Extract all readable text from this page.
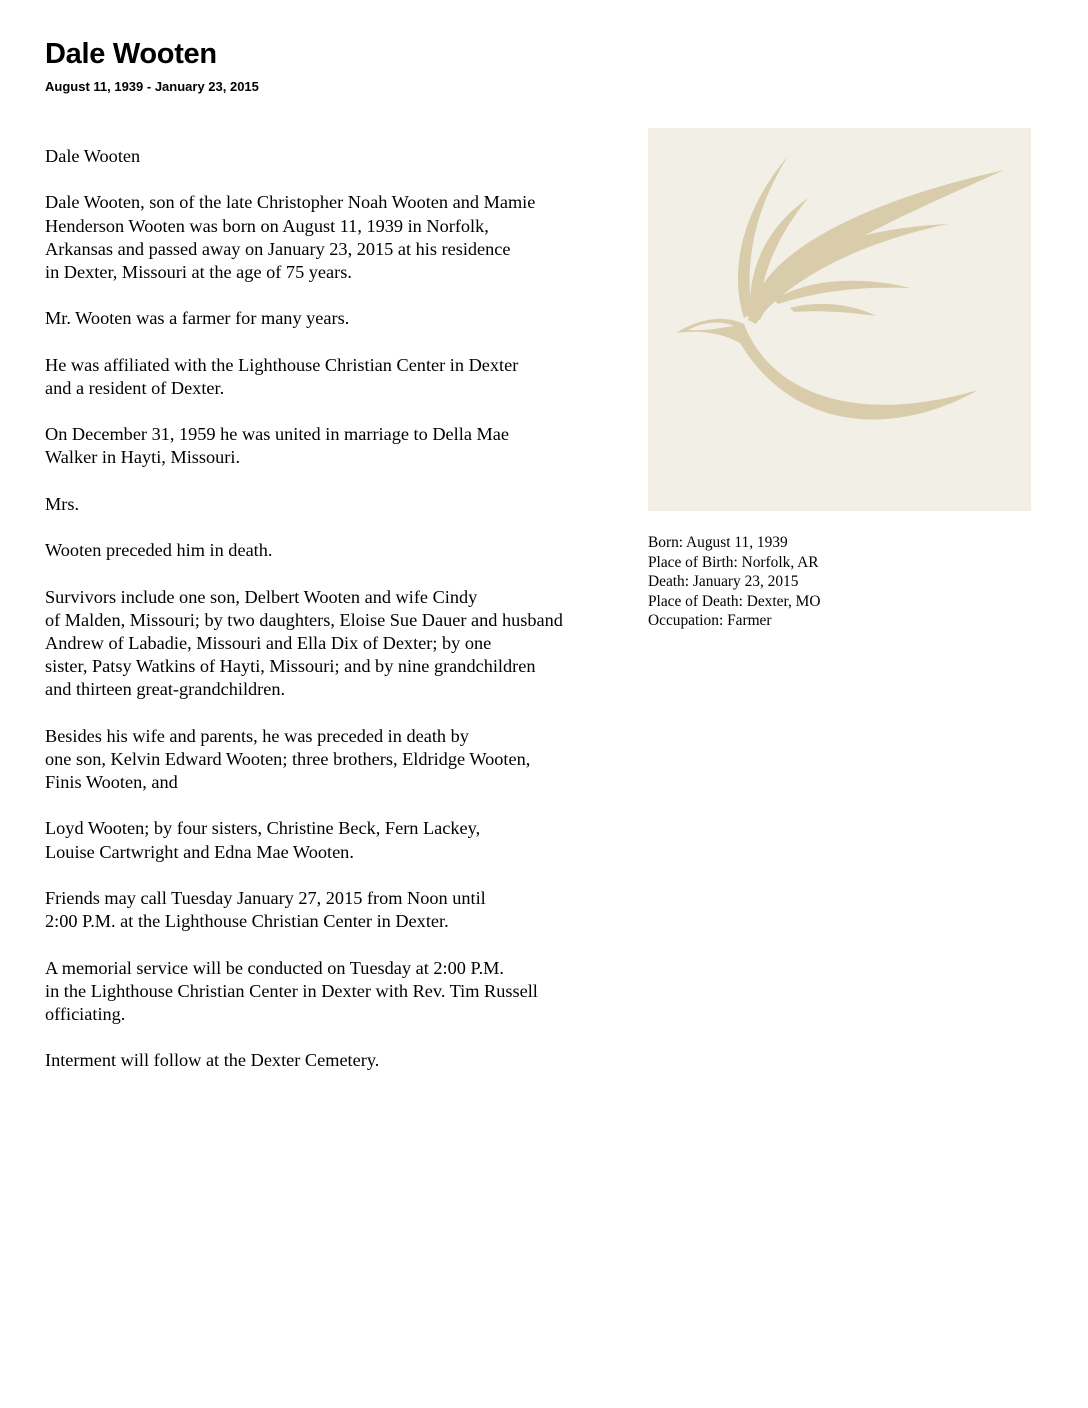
Dale Wooten
August 11, 1939 - January 23, 2015
Dale Wooten
Dale Wooten, son of the late Christopher Noah Wooten and Mamie
Henderson Wooten was born on August 11, 1939 in Norfolk,
Arkansas and passed away on January 23, 2015 at his residence
in Dexter, Missouri at the age of 75 years.
Mr. Wooten was a farmer for many years.
He was affiliated with the Lighthouse Christian Center in Dexter
and a resident of Dexter.
On December 31, 1959 he was united in marriage to Della Mae
Walker in Hayti, Missouri.
Mrs.
Wooten preceded him in death.
Survivors include one son, Delbert Wooten and wife Cindy
of Malden, Missouri; by two daughters, Eloise Sue Dauer and husband
Andrew of Labadie, Missouri and Ella Dix of Dexter; by one
sister, Patsy Watkins of Hayti, Missouri; and by nine grandchildren
and thirteen great-grandchildren.
Besides his wife and parents, he was preceded in death by
one son, Kelvin Edward Wooten; three brothers, Eldridge Wooten,
Finis Wooten, and
Loyd Wooten; by four sisters, Christine Beck, Fern Lackey,
Louise Cartwright and Edna Mae Wooten.
Friends may call Tuesday January 27, 2015 from Noon until
2:00 P.M. at the Lighthouse Christian Center in Dexter.
A memorial service will be conducted on Tuesday at 2:00 P.M.
in the Lighthouse Christian Center in Dexter with Rev. Tim Russell
officiating.
Interment will follow at the Dexter Cemetery.
Born: August 11, 1939
Place of Birth: Norfolk, AR
Death: January 23, 2015
Place of Death: Dexter, MO
Occupation: Farmer
